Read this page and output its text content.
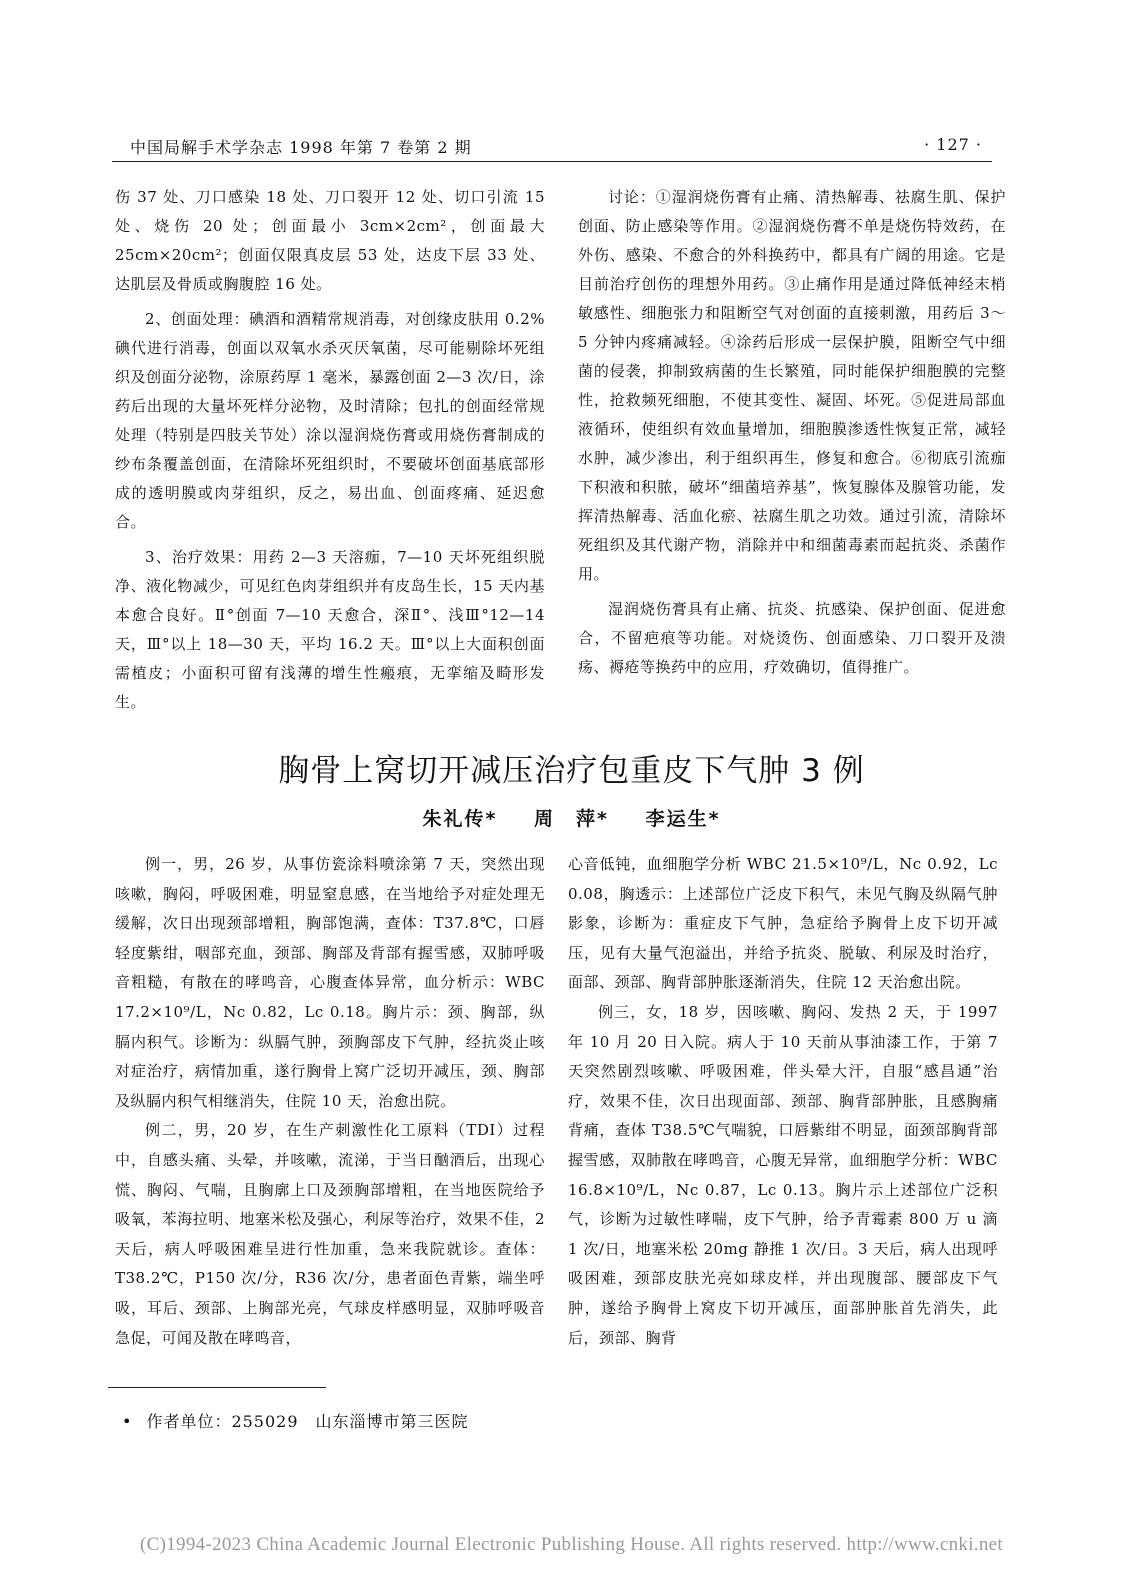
中国局解手术学杂志 1998 年第 7 卷第 2 期	· 127 ·

伤 37 处、刀口感染 18 处、刀口裂开 12 处、切口引流 15 处、烧伤 20 处；创面最小 3cm×2cm²，创面最大 25cm×20cm²；创面仅限真皮层 53 处，达皮下层 33 处、达肌层及骨质或胸腹腔 16 处。

2、创面处理：碘酒和酒精常规消毒，对创缘皮肤用 0.2%碘代进行消毒，创面以双氧水杀灭厌氧菌，尽可能剔除坏死组织及创面分泌物，涂原药厚 1 毫米，暴露创面 2—3 次/日，涂药后出现的大量坏死样分泌物，及时清除；包扎的创面经常规处理（特别是四肢关节处）涂以湿润烧伤膏或用烧伤膏制成的纱布条覆盖创面，在清除坏死组织时，不要破坏创面基底部形成的透明膜或肉芽组织，反之，易出血、创面疼痛、延迟愈合。

3、治疗效果：用药 2—3 天溶痂，7—10 天坏死组织脱净、液化物减少，可见红色肉芽组织并有皮岛生长，15 天内基本愈合良好。Ⅱ°创面 7—10 天愈合，深Ⅱ°、浅Ⅲ°12—14 天，Ⅲ°以上 18—30 天，平均 16.2 天。Ⅲ°以上大面积创面需植皮；小面积可留有浅薄的增生性瘢痕，无挛缩及畸形发生。

讨论：①湿润烧伤膏有止痛、清热解毒、祛腐生肌、保护创面、防止感染等作用。②湿润烧伤膏不单是烧伤特效药，在外伤、感染、不愈合的外科换药中，都具有广阔的用途。它是目前治疗创伤的理想外用药。③止痛作用是通过降低神经末梢敏感性、细胞张力和阻断空气对创面的直接刺激，用药后 3～5 分钟内疼痛减轻。④涂药后形成一层保护膜，阻断空气中细菌的侵袭，抑制致病菌的生长繁殖，同时能保护细胞膜的完整性，抢救频死细胞，不使其变性、凝固、坏死。⑤促进局部血液循环，使组织有效血量增加，细胞膜渗透性恢复正常，减轻水肿，减少渗出，利于组织再生，修复和愈合。⑥彻底引流痂下积液和积脓，破坏“细菌培养基”，恢复腺体及腺管功能，发挥清热解毒、活血化瘀、祛腐生肌之功效。通过引流，清除坏死组织及其代谢产物，消除并中和细菌毒素而起抗炎、杀菌作用。

湿润烧伤膏具有止痛、抗炎、抗感染、保护创面、促进愈合，不留疤痕等功能。对烧烫伤、创面感染、刀口裂开及溃疡、褥疮等换药中的应用，疗效确切，值得推广。

胸骨上窝切开减压治疗包重皮下气肿 3 例
朱礼传* 周　萍* 李运生*

例一，男，26 岁，从事仿瓷涂料喷涂第 7 天，突然出现咳嗽，胸闷，呼吸困难，明显窒息感，在当地给予对症处理无缓解，次日出现颈部增粗，胸部饱满，查体：T37.8℃，口唇轻度紫绀，咽部充血，颈部、胸部及背部有握雪感，双肺呼吸音粗糙，有散在的哮鸣音，心腹查体异常，血分析示：WBC 17.2×10⁹/L，Nc 0.82，Lc 0.18。胸片示：颈、胸部，纵膈内积气。诊断为：纵膈气肿，颈胸部皮下气肿，经抗炎止咳对症治疗，病情加重，遂行胸骨上窝广泛切开减压，颈、胸部及纵膈内积气相继消失，住院 10 天，治愈出院。

例二，男，20 岁，在生产刺激性化工原料（TDI）过程中，自感头痛、头晕，并咳嗽，流涕，于当日酗酒后，出现心慌、胸闷、气喘，且胸廓上口及颈胸部增粗，在当地医院给予吸氧，苯海拉明、地塞米松及强心，利尿等治疗，效果不佳，2 天后，病人呼吸困难呈进行性加重，急来我院就诊。查体：T38.2℃，P150 次/分，R36 次/分，患者面色青紫，端坐呼吸，耳后、颈部、上胸部光亮，气球皮样感明显，双肺呼吸音急促，可闻及散在哮鸣音，

心音低钝，血细胞学分析 WBC 21.5×10⁹/L，Nc 0.92，Lc 0.08，胸透示：上述部位广泛皮下积气，未见气胸及纵隔气肿影象，诊断为：重症皮下气肿，急症给予胸骨上皮下切开减压，见有大量气泡溢出，并给予抗炎、脱敏、利尿及时治疗，面部、颈部、胸背部肿胀逐渐消失，住院 12 天治愈出院。

例三，女，18 岁，因咳嗽、胸闷、发热 2 天，于 1997 年 10 月 20 日入院。病人于 10 天前从事油漆工作，于第 7 天突然剧烈咳嗽、呼吸困难，伴头晕大汗，自服“感昌通”治疗，效果不佳，次日出现面部、颈部、胸背部肿胀，且感胸痛背痛，查体 T38.5℃气喘貌，口唇紫绀不明显，面颈部胸背部握雪感，双肺散在哮鸣音，心腹无异常，血细胞学分析：WBC 16.8×10⁹/L，Nc 0.87，Lc 0.13。胸片示上述部位广泛积气，诊断为过敏性哮喘，皮下气肿，给予青霉素 800 万 u 滴 1 次/日，地塞米松 20mg 静推 1 次/日。3 天后，病人出现呼吸困难，颈部皮肤光亮如球皮样，并出现腹部、腰部皮下气肿，遂给予胸骨上窝皮下切开减压，面部肿胀首先消失，此后，颈部、胸背

• 作者单位：255029　山东淄博市第三医院
(C)1994-2023 China Academic Journal Electronic Publishing House. All rights reserved. http://www.cnki.net
